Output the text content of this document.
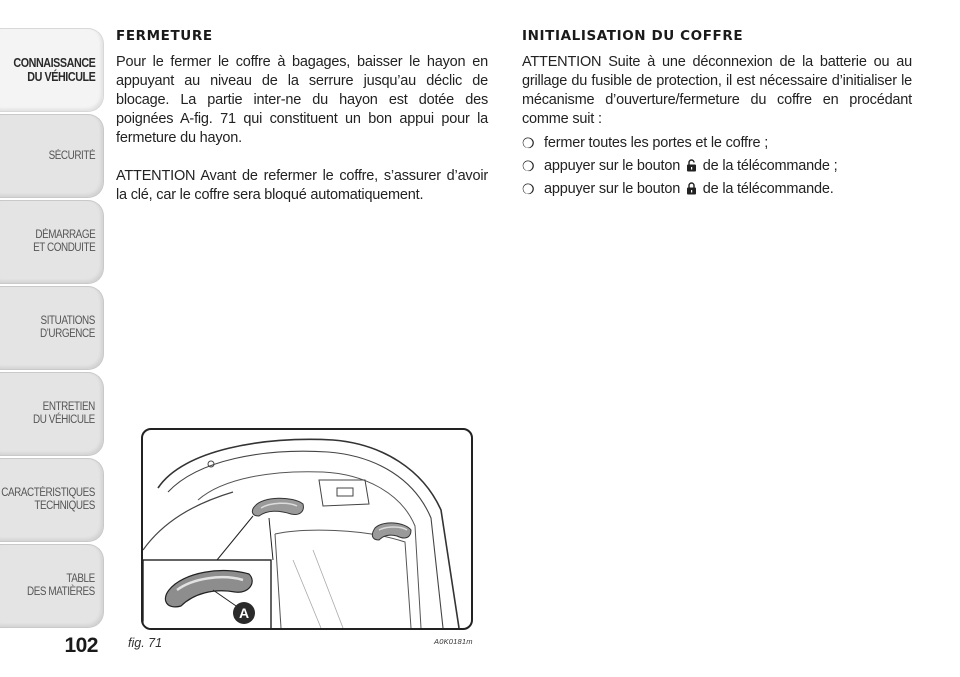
CONNAISSANCE
DU VÉHICULE
SÉCURITÉ
DÉMARRAGE
ET CONDUITE
SITUATIONS
D’URGENCE
ENTRETIEN
DU VÉHICULE
CARACTÉRISTIQUES
TECHNIQUES
TABLE
DES MATIÈRES
102
FERMETURE

Pour le fermer le coffre à bagages, baisser le hayon en appuyant au niveau de la serrure jusqu’au déclic de blocage. La partie inter-ne du hayon est dotée des poignées A-fig. 71 qui constituent un bon appui pour la fermeture du hayon.

ATTENTION Avant de refermer le coffre, s’assurer d’avoir la clé, car le coffre sera bloqué automatiquement.

INITIALISATION DU COFFRE

ATTENTION Suite à une déconnexion de la batterie ou au grillage du fusible de protection, il est nécessaire d’initialiser le mécanisme d’ouverture/fermeture du coffre en procédant comme suit :

❍ fermer toutes les portes et le coffre ;
❍ appuyer sur le bouton de la télécommande ;
❍ appuyer sur le bouton de la télécommande.
A
fig. 71	A0K0181m
